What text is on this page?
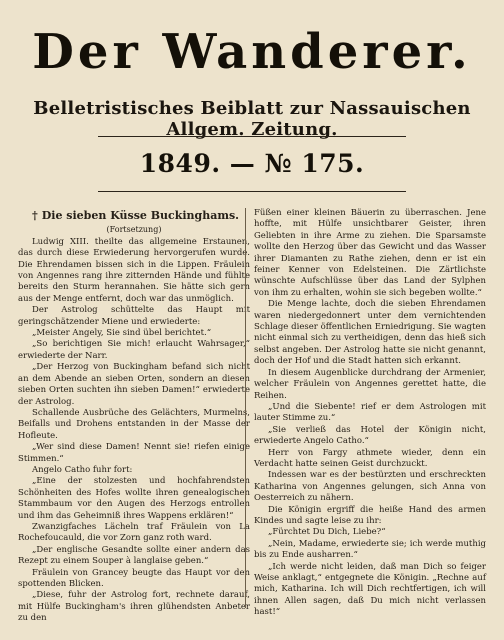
Der Wanderer.
Belletristisches Beiblatt zur Nassauischen Allgem. Zeitung.
1849. — № 175.
† Die sieben Küsse Buckinghams.

(Fortsetzung)

Ludwig XIII. theilte das allgemeine Erstaunen, das durch diese Erwiederung hervorgerufen wurde. Die Ehrendamen bissen sich in die Lippen. Fräulein von Angennes rang ihre zitternden Hände und fühlte bereits den Sturm herannahen. Sie hätte sich gern aus der Menge entfernt, doch war das unmöglich.

Der Astrolog schüttelte das Haupt mit geringschätzender Miene und erwiederte:

„Meister Angely, Sie sind übel berichtet.“

„So berichtigen Sie mich! erlaucht Wahrsager,“ erwiederte der Narr.

„Der Herzog von Buckingham befand sich nicht an dem Abende an sieben Orten, sondern an diesen sieben Orten suchten ihn sieben Damen!“ erwiederte der Astrolog.

Schallende Ausbrüche des Gelächters, Murmelns, Beifalls und Drohens entstanden in der Masse der Hofleute.

„Wer sind diese Damen! Nennt sie! riefen einige Stimmen.“

Angelo Catho fuhr fort:

„Eine der stolzesten und hochfahrendsten Schönheiten des Hofes wollte ihren genealogischen Stammbaum vor den Augen des Herzogs entrollen und ihm das Geheimniß ihres Wappens erklären!“

Zwanzigfaches Lächeln traf Fräulein von La Rochefoucauld, die vor Zorn ganz roth ward.

„Der englische Gesandte sollte einer andern das Rezept zu einem Souper à langlaise geben.“

Fräulein von Grancey beugte das Haupt vor den spottenden Blicken.

„Diese, fuhr der Astrolog fort, rechnete darauf, mit Hülfe Buckingham's ihren glühendsten Anbeter zu den

Füßen einer kleinen Bäuerin zu überraschen. Jene hoffte, mit Hülfe unsichtbarer Geister, ihren Geliebten in ihre Arme zu ziehen. Die Sparsamste wollte den Herzog über das Gewicht und das Wasser ihrer Diamanten zu Rathe ziehen, denn er ist ein feiner Kenner von Edelsteinen. Die Zärtlichste wünschte Aufschlüsse über das Land der Sylphen von ihm zu erhalten, wohin sie sich begeben wollte.“

Die Menge lachte, doch die sieben Ehrendamen waren niedergedonnert unter dem vernichtenden Schlage dieser öffentlichen Erniedrigung. Sie wagten nicht einmal sich zu vertheidigen, denn das hieß sich selbst angeben. Der Astrolog hatte sie nicht genannt, doch der Hof und die Stadt hatten sich erkannt.

In diesem Augenblicke durchdrang der Armenier, welcher Fräulein von Angennes gerettet hatte, die Reihen.

„Und die Siebente! rief er dem Astrologen mit lauter Stimme zu.“

„Sie verließ das Hotel der Königin nicht, erwiederte Angelo Catho.“

Herr von Fargy athmete wieder, denn ein Verdacht hatte seinen Geist durchzuckt.

Indessen war es der bestürzten und erschreckten Katharina von Angennes gelungen, sich Anna von Oesterreich zu nähern.

Die Königin ergriff die heiße Hand des armen Kindes und sagte leise zu ihr:

„Fürchtet Du Dich, Liebe?“

„Nein, Madame, erwiederte sie; ich werde muthig bis zu Ende ausharren.“

„Ich werde nicht leiden, daß man Dich so feiger Weise anklagt,“ entgegnete die Königin. „Rechne auf mich, Katharina. Ich will Dich rechtfertigen, ich will ihnen Allen sagen, daß Du mich nicht verlassen hast!“
